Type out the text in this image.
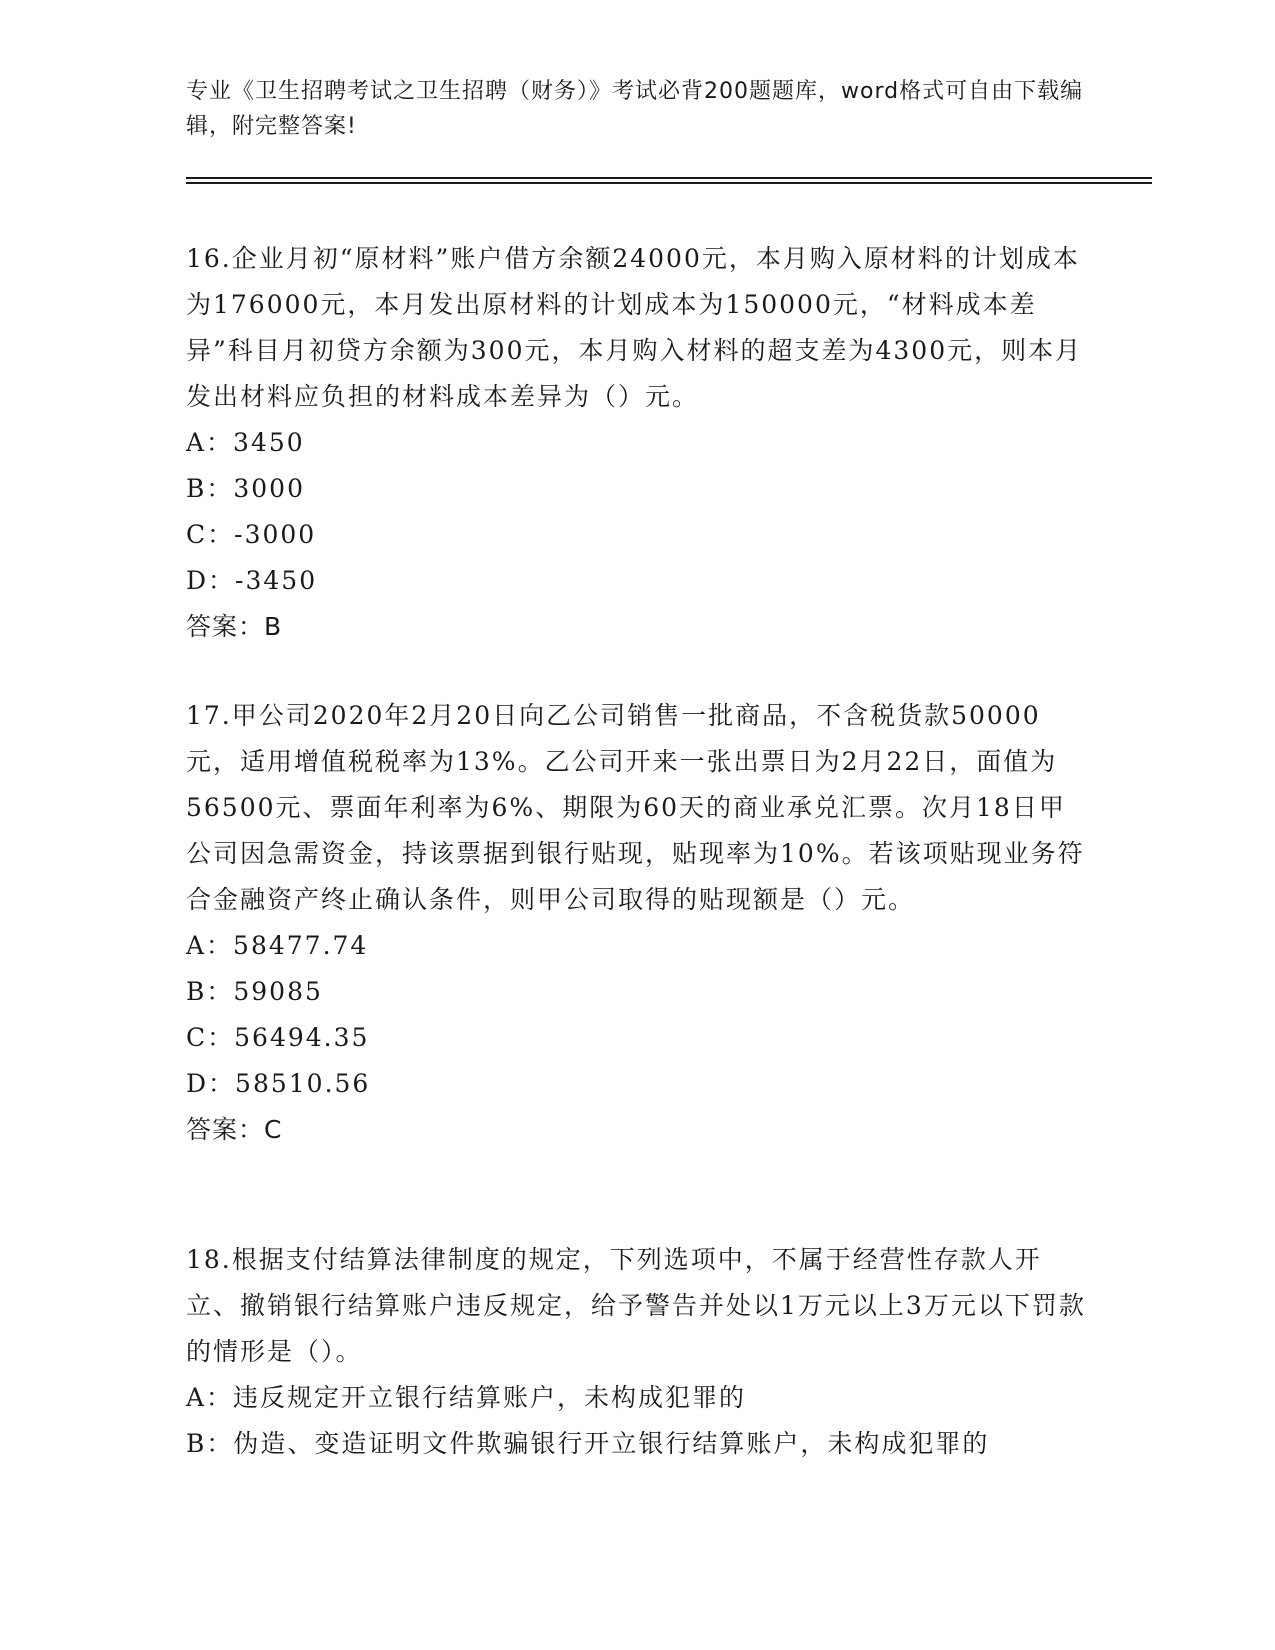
专业《卫生招聘考试之卫生招聘（财务）》考试必背200题题库，word格式可自由下载编辑，附完整答案!

16.企业月初“原材料”账户借方余额24000元，本月购入原材料的计划成本为176000元，本月发出原材料的计划成本为150000元，“材料成本差异”科目月初贷方余额为300元，本月购入材料的超支差为4300元，则本月发出材料应负担的材料成本差异为（）元。

A：3450

B：3000

C：-3000

D：-3450

答案：B

17.甲公司2020年2月20日向乙公司销售一批商品，不含税货款50000元，适用增值税税率为13%。乙公司开来一张出票日为2月22日，面值为56500元、票面年利率为6%、期限为60天的商业承兑汇票。次月18日甲公司因急需资金，持该票据到银行贴现，贴现率为10%。若该项贴现业务符合金融资产终止确认条件，则甲公司取得的贴现额是（）元。

A：58477.74

B：59085

C：56494.35

D：58510.56

答案：C

18.根据支付结算法律制度的规定，下列选项中，不属于经营性存款人开立、撤销银行结算账户违反规定，给予警告并处以1万元以上3万元以下罚款的情形是（）。

A：违反规定开立银行结算账户，未构成犯罪的

B：伪造、变造证明文件欺骗银行开立银行结算账户，未构成犯罪的
